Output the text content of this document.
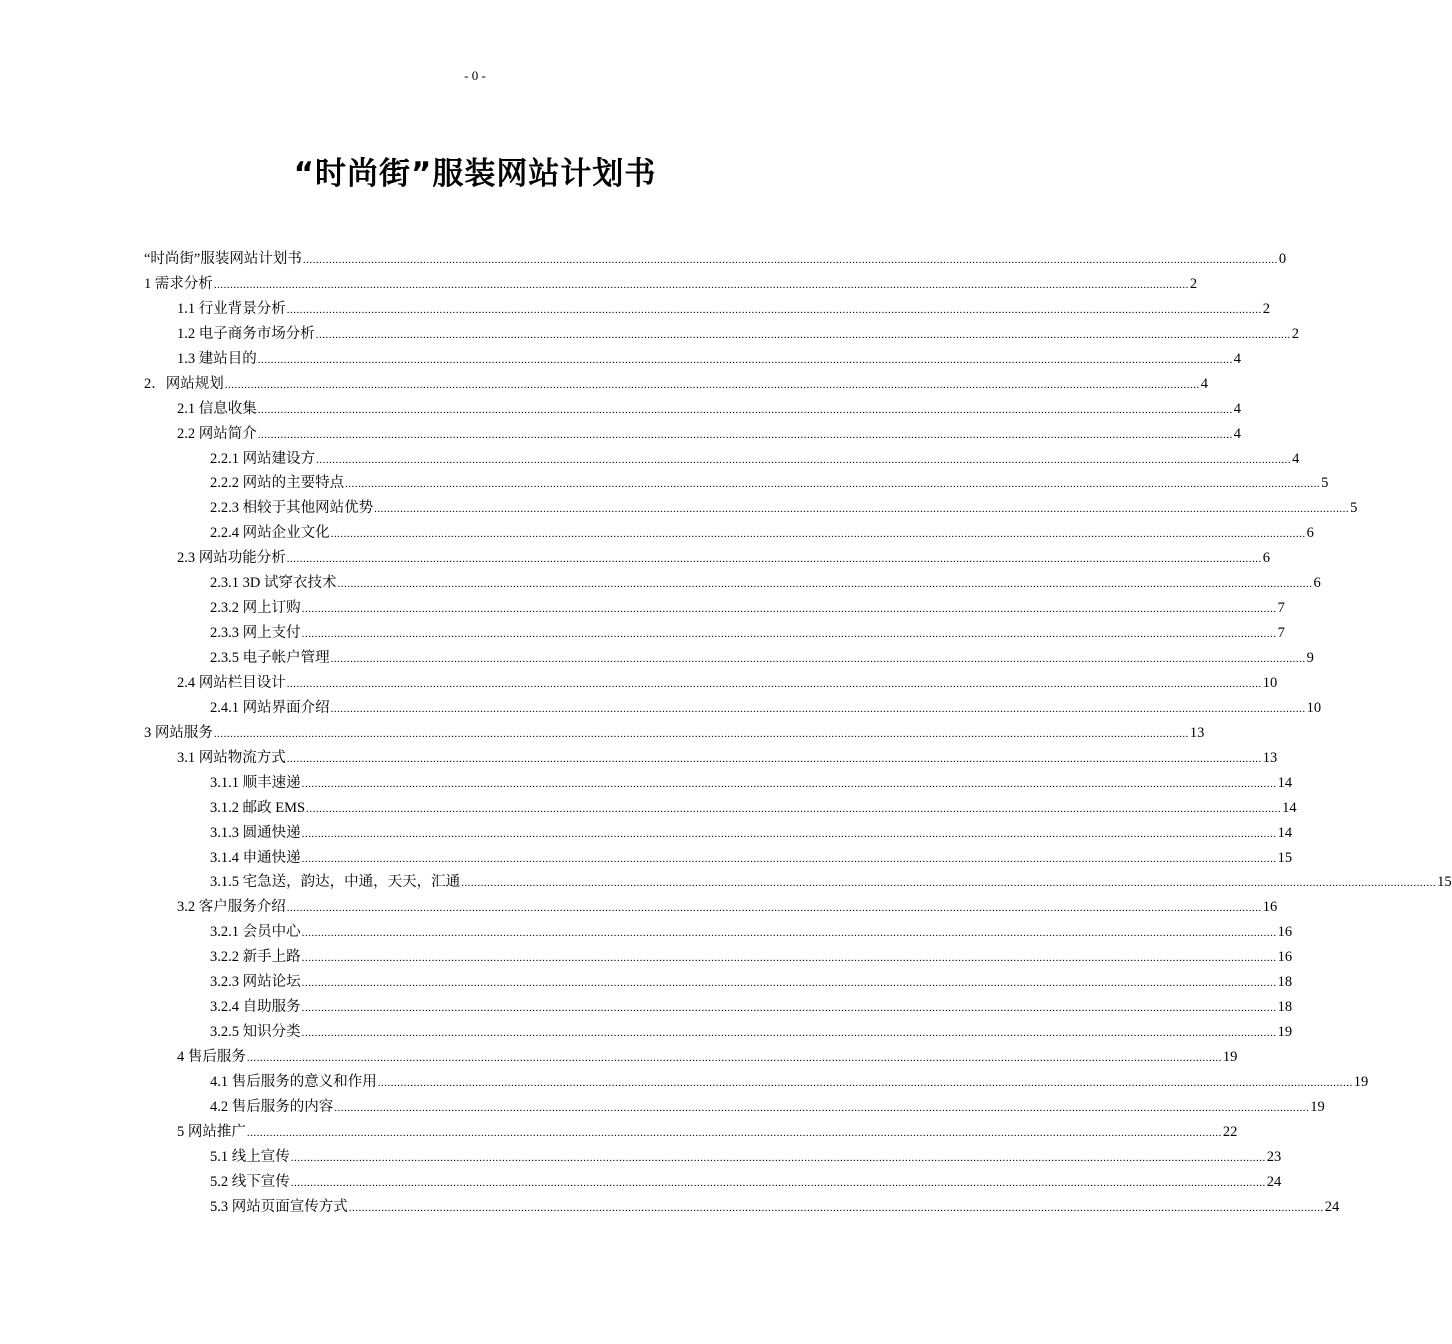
- 0 -
“时尚街”服装网站计划书
“时尚街”服装网站计划书 ............................................................................................................................................................................................................................................................................................................ 0
1 需求分析 ............................................................................................................................................................................................................................................................................................................ 2
1.1 行业背景分析 ............................................................................................................................................................................................................................................................................................................ 2
1.2 电子商务市场分析 ............................................................................................................................................................................................................................................................................................................ 2
1.3 建站目的 ............................................................................................................................................................................................................................................................................................................ 4
2．网站规划 ............................................................................................................................................................................................................................................................................................................ 4
2.1 信息收集 ............................................................................................................................................................................................................................................................................................................ 4
2.2 网站简介 ............................................................................................................................................................................................................................................................................................................ 4
2.2.1 网站建设方 ............................................................................................................................................................................................................................................................................................................ 4
2.2.2 网站的主要特点 ............................................................................................................................................................................................................................................................................................................ 5
2.2.3 相较于其他网站优势 ............................................................................................................................................................................................................................................................................................................ 5
2.2.4 网站企业文化 ............................................................................................................................................................................................................................................................................................................ 6
2.3 网站功能分析 ............................................................................................................................................................................................................................................................................................................ 6
2.3.1 3D 试穿衣技术 ............................................................................................................................................................................................................................................................................................................ 6
2.3.2 网上订购 ............................................................................................................................................................................................................................................................................................................ 7
2.3.3 网上支付 ............................................................................................................................................................................................................................................................................................................ 7
2.3.5 电子帐户管理 ............................................................................................................................................................................................................................................................................................................ 9
2.4 网站栏目设计 ............................................................................................................................................................................................................................................................................................................ 10
2.4.1 网站界面介绍 ............................................................................................................................................................................................................................................................................................................ 10
3 网站服务 ............................................................................................................................................................................................................................................................................................................ 13
3.1 网站物流方式 ............................................................................................................................................................................................................................................................................................................ 13
3.1.1 顺丰速递 ............................................................................................................................................................................................................................................................................................................ 14
3.1.2 邮政 EMS ............................................................................................................................................................................................................................................................................................................ 14
3.1.3 圆通快递 ............................................................................................................................................................................................................................................................................................................ 14
3.1.4 申通快递 ............................................................................................................................................................................................................................................................................................................ 15
3.1.5 宅急送，韵达，中通，天天，汇通 ............................................................................................................................................................................................................................................................................................................ 15
3.2 客户服务介绍 ............................................................................................................................................................................................................................................................................................................ 16
3.2.1 会员中心 ............................................................................................................................................................................................................................................................................................................ 16
3.2.2 新手上路 ............................................................................................................................................................................................................................................................................................................ 16
3.2.3 网站论坛 ............................................................................................................................................................................................................................................................................................................ 18
3.2.4 自助服务 ............................................................................................................................................................................................................................................................................................................ 18
3.2.5 知识分类 ............................................................................................................................................................................................................................................................................................................ 19
4 售后服务 ............................................................................................................................................................................................................................................................................................................ 19
4.1 售后服务的意义和作用 ............................................................................................................................................................................................................................................................................................................ 19
4.2 售后服务的内容 ............................................................................................................................................................................................................................................................................................................ 19
5 网站推广 ............................................................................................................................................................................................................................................................................................................ 22
5.1 线上宣传 ............................................................................................................................................................................................................................................................................................................ 23
5.2 线下宣传 ............................................................................................................................................................................................................................................................................................................ 24
5.3 网站页面宣传方式 ............................................................................................................................................................................................................................................................................................................ 24
